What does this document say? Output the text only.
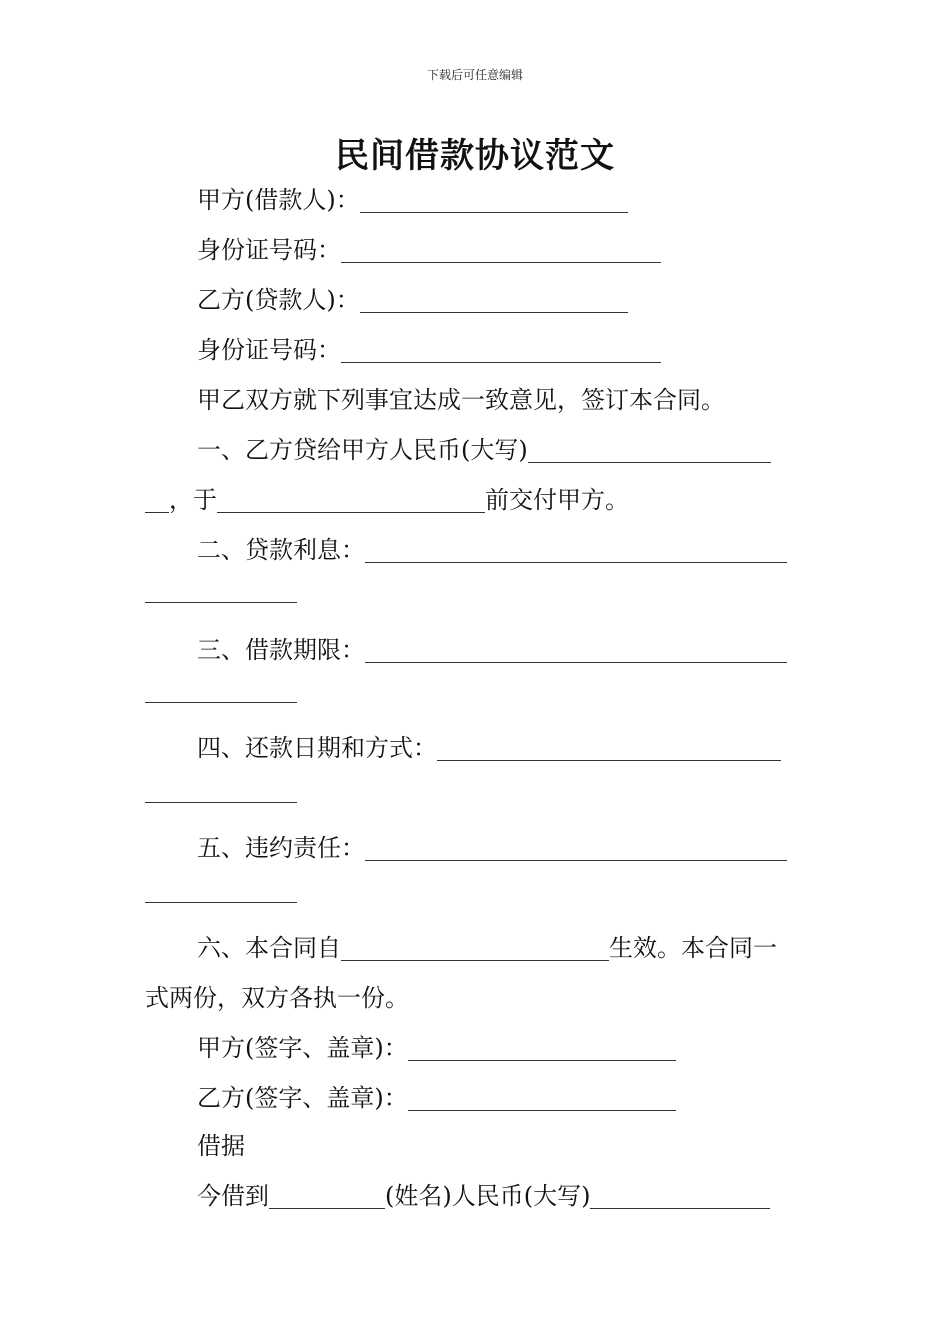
下载后可任意编辑
民间借款协议范文
甲方(借款人)：
身份证号码：
乙方(贷款人)：
身份证号码：
甲乙双方就下列事宜达成一致意见，签订本合同。
一、乙方贷给甲方人民币(大写)
，于	前交付甲方。
二、贷款利息：
三、借款期限：
四、还款日期和方式：
五、违约责任：
六、本合同自	生效。本合同一
式两份，双方各执一份。
甲方(签字、盖章)：
乙方(签字、盖章)：
借据
今借到	(姓名)人民币(大写)
